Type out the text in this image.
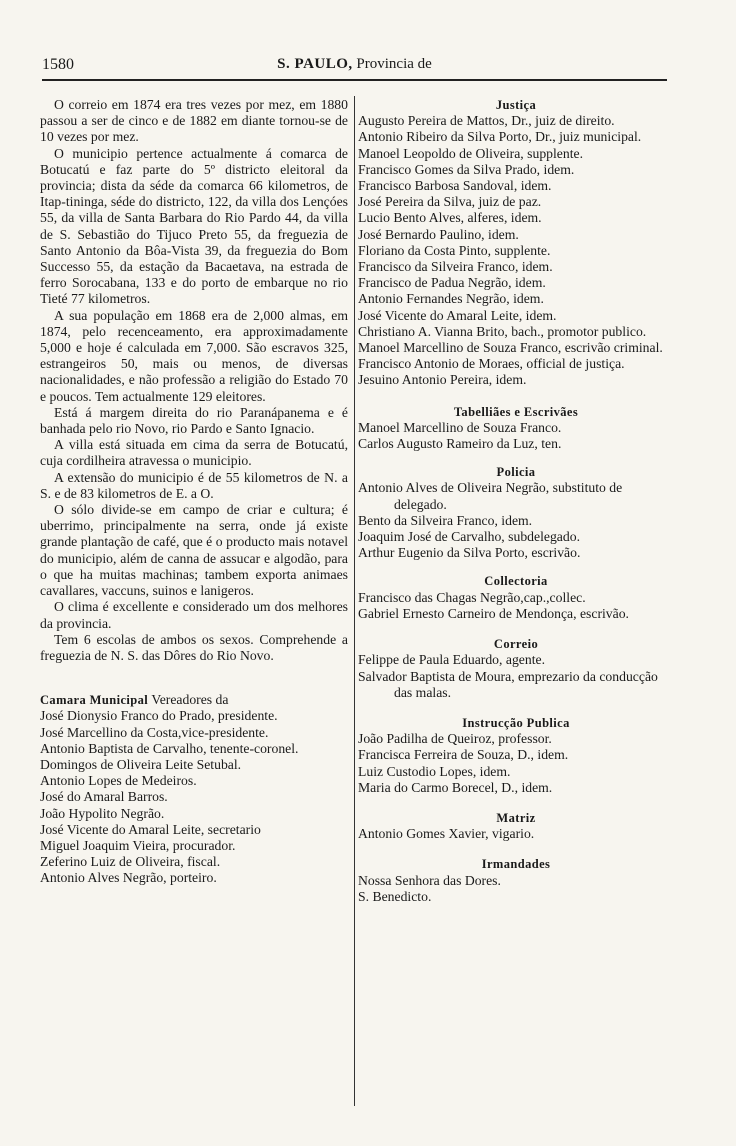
1580	S. PAULO, Provincia de

O correio em 1874 era tres vezes por mez, em 1880 passou a ser de cinco e de 1882 em diante tornou-se de 10 vezes por mez.

O municipio pertence actualmente á comarca de Botucatú e faz parte do 5º districto eleitoral da provincia; dista da séde da comarca 66 kilometros, de Itap-tininga, séde do districto, 122, da villa dos Lençóes 55, da villa de Santa Barbara do Rio Pardo 44, da villa de S. Sebastião do Tijuco Preto 55, da freguezia de Santo Antonio da Bôa-Vista 39, da freguezia do Bom Successo 55, da estação da Bacaetava, na estrada de ferro Sorocabana, 133 e do porto de embarque no rio Tieté 77 kilometros.

A sua população em 1868 era de 2,000 almas, em 1874, pelo recenceamento, era approximadamente 5,000 e hoje é calculada em 7,000. São escravos 325, estrangeiros 50, mais ou menos, de diversas nacionalidades, e não professão a religião do Estado 70 e poucos. Tem actualmente 129 eleitores.

Está á margem direita do rio Paranápanema e é banhada pelo rio Novo, rio Pardo e Santo Ignacio.

A villa está situada em cima da serra de Botucatú, cuja cordilheira atravessa o municipio.

A extensão do municipio é de 55 kilometros de N. a S. e de 83 kilometros de E. a O.

O sólo divide-se em campo de criar e cultura; é uberrimo, principalmente na serra, onde já existe grande plantação de café, que é o producto mais notavel do municipio, além de canna de assucar e algodão, para o que ha muitas machinas; tambem exporta animaes cavallares, vaccuns, suinos e lanigeros.

O clima é excellente e considerado um dos melhores da provincia.

Tem 6 escolas de ambos os sexos. Comprehende a freguezia de N. S. das Dôres do Rio Novo.

Camara Municipal Vereadores da

José Dionysio Franco do Prado, presidente.

José Marcellino da Costa,vice-presidente.

Antonio Baptista de Carvalho, tenente-coronel.

Domingos de Oliveira Leite Setubal.

Antonio Lopes de Medeiros.

José do Amaral Barros.

João Hypolito Negrão.

José Vicente do Amaral Leite, secretario

Miguel Joaquim Vieira, procurador.

Zeferino Luiz de Oliveira, fiscal.

Antonio Alves Negrão, porteiro.

Justiça

Augusto Pereira de Mattos, Dr., juiz de direito.

Antonio Ribeiro da Silva Porto, Dr., juiz municipal.

Manoel Leopoldo de Oliveira, supplente.

Francisco Gomes da Silva Prado, idem.

Francisco Barbosa Sandoval, idem.

José Pereira da Silva, juiz de paz.

Lucio Bento Alves, alferes, idem.

José Bernardo Paulino, idem.

Floriano da Costa Pinto, supplente.

Francisco da Silveira Franco, idem.

Francisco de Padua Negrão, idem.

Antonio Fernandes Negrão, idem.

José Vicente do Amaral Leite, idem.

Christiano A. Vianna Brito, bach., promotor publico.

Manoel Marcellino de Souza Franco, escrivão criminal.

Francisco Antonio de Moraes, official de justiça.

Jesuino Antonio Pereira, idem.

Tabelliães e Escrivães

Manoel Marcellino de Souza Franco.

Carlos Augusto Rameiro da Luz, ten.

Policia

Antonio Alves de Oliveira Negrão, substituto de delegado.

Bento da Silveira Franco, idem.

Joaquim José de Carvalho, subdelegado.

Arthur Eugenio da Silva Porto, escrivão.

Collectoria

Francisco das Chagas Negrão,cap.,collec.

Gabriel Ernesto Carneiro de Mendonça, escrivão.

Correio

Felippe de Paula Eduardo, agente.

Salvador Baptista de Moura, emprezario da conducção das malas.

Instrucção Publica

João Padilha de Queiroz, professor.

Francisca Ferreira de Souza, D., idem.

Luiz Custodio Lopes, idem.

Maria do Carmo Borecel, D., idem.

Matriz

Antonio Gomes Xavier, vigario.

Irmandades

Nossa Senhora das Dores.

S. Benedicto.
